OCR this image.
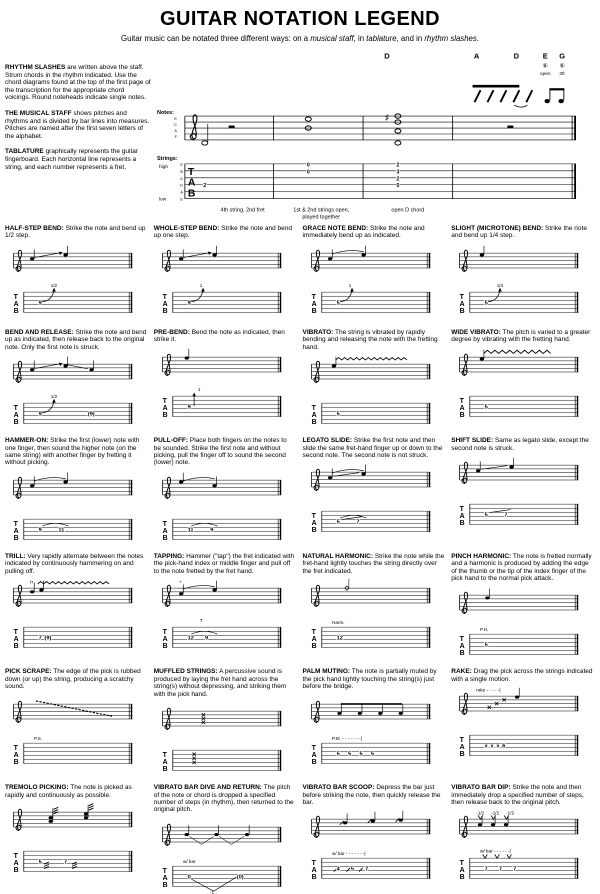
GUITAR NOTATION LEGEND

Guitar music can be notated three different ways: on a musical staff, in tablature, and in rhythm slashes.

RHYTHM SLASHES are written above the staff. Strum chords in the rhythm indicated. Use the chord diagrams found at the top of the first page of the transcription for the appropriate chord voicings. Round noteheads indicate single notes.

THE MUSICAL STAFF shows pitches and rhythms and is divided by bar lines into measures. Pitches are named after the first seven letters of the alphabet.

TABLATURE graphically represents the guitar fingerboard. Each horizontal line represents a string, and each number represents a fret.

D	A	D	E G
⑥ ⑥
open 3fr
Notes:
E
C
A
F
♯
Strings:
high
low
E
B
G
D
A
E
T
A
B
2
0
0
2
3
2
0
4th string, 2nd fret	1st & 2nd strings open,
played together
open D chord

HALF-STEP BEND: Strike the note and bend up 1/2 step.

1/2
9

WHOLE-STEP BEND: Strike the note and bend up one step.

1
9

GRACE NOTE BEND: Strike the note and immediately bend up as indicated.

1
5

SLIGHT (MICROTONE) BEND: Strike the note and bend up 1/4 step.

1/4
5

BEND AND RELEASE: Strike the note and bend up as indicated, then release back to the original note. Only the first note is struck.

1/2
9	(9)

PRE-BEND: Bend the note as indicated, then strike it.

1
9

VIBRATO: The string is vibrated by rapidly bending and releasing the note with the fretting hand.

5

WIDE VIBRATO: The pitch is varied to a greater degree by vibrating with the fretting hand.

5

HAMMER-ON: Strike the first (lower) note with one finger, then sound the higher note (on the same string) with another finger by fretting it without picking.

9   11

PULL-OFF: Place both fingers on the notes to be sounded. Strike the first note and without picking, pull the finger off to sound the second (lower) note.

11   9

LEGATO SLIDE: Strike the first note and then slide the same fret-hand finger up or down to the second note. The second note is not struck.

5   7

SHIFT SLIDE: Same as legato slide, except the second note is struck.

5   7

TRILL: Very rapidly alternate between the notes indicated by continuously hammering on and pulling off.

tr
7 (9)

TAPPING: Hammer ("tap") the fret indicated with the pick-hand index or middle finger and pull off to the note fretted by the fret hand.

+
T
12  9

NATURAL HARMONIC: Strike the note while the fret-hand lightly touches the string directly over the fret indicated.

Harm.
12

PINCH HARMONIC: The note is fretted normally and a harmonic is produced by adding the edge of the thumb or the tip of the index finger of the pick hand to the normal pick attack.

P.H.
5

PICK SCRAPE: The edge of the pick is rubbed down (or up) the string, producing a scratchy sound.

P.S.

MUFFLED STRINGS: A percussive sound is produced by laying the fret hand across the string(s) without depressing, and striking them with the pick hand.

PALM MUTING: The note is partially muted by the pick hand lightly touching the string(s) just before the bridge.

P.M. - - - - - - -|
5  5  5  5

RAKE: Drag the pick across the strings indicated with a single motion.

rake - - - - -|
x x x 6

TREMOLO PICKING: The note is picked as rapidly and continuously as possible.

5    7

VIBRATO BAR DIVE AND RETURN: The pitch of the note or chord is dropped a specified number of steps (in rhythm), then returned to the original pitch.

w/ bar
0	(0)
-1

VIBRATO BAR SCOOP: Depress the bar just before striking the note, then quickly release the bar.

w/ bar - - - - - - -|
4  5  7

VIBRATO BAR DIP: Strike the note and then immediately drop a specified number of steps, then release back to the original pitch.

-1/2  -1/2  -1/2
w/ bar - - - - - -|
7  7  7
